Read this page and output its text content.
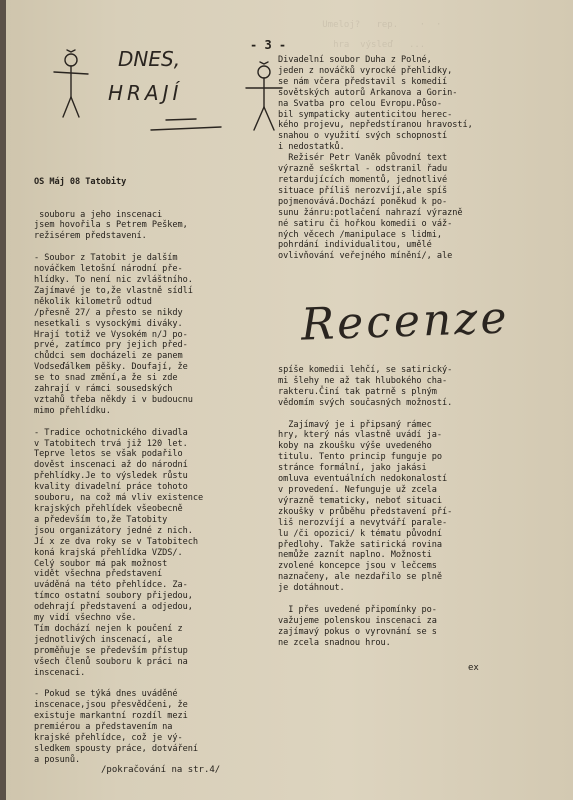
Umeloj?   rep.    ·  ·

hra  výsleď   ...
- 3 -
DNES,
HRAJÍ

OS Máj 08 Tatobity

souboru a jeho inscenaci
jsem hovořila s Petrem Peškem,
režisérem představení.

- Soubor z Tatobit je dalším
nováčkem letošní národní pře-
hlídky. To není nic zvláštního.
Zajímavé je to,že vlastně sídlí
několik kilometrů odtud
/přesně 27/ a přesto se nikdy
nesetkali s vysockými diváky.
Hrají totiž ve Vysokém n/J po-
prvé, zatímco pry jejich před-
chůdci sem docházeli ze panem
Vodseďálkem pěšky. Doufají, že
se to snad změní,a že si zde
zahrají v rámci sousedských
vztahů třeba někdy i v budoucnu
mimo přehlídku.

- Tradice ochotnického divadla
v Tatobitech trvá již 120 let.
Teprve letos se však podařilo
dověst inscenaci až do národní
přehlídky.Je to výsledek růstu
kvality divadelní práce tohoto
souboru, na což má vliv existence
krajských přehlídek všeobecně
a především to,že Tatobity
jsou organizátory jedné z nich.
Jí x ze dva roky se v Tatobitech
koná krajská přehlídka VZDS/.
Celý soubor má pak možnost
vidět všechna představení
uváděná na této přehlídce. Za-
tímco ostatní soubory přijedou,
odehrají představení a odjedou,
my vidí všechno vše.
Tím dochází nejen k poučení z
jednotlivých inscenací, ale
proměňuje se především přístup
všech členů souboru k práci na
inscenaci.

- Pokud se týká dnes uváděné
inscenace,jsou přesvědčeni, že
existuje markantní rozdíl mezi
premiérou a představením na
krajské přehlídce, což je vý-
sledkem spousty práce, dotváření
a posunů.

Divadelní soubor Duha z Polné,
jeden z nováčků vyrocké přehlidky,
se nám včera představil s komedií
sovětských autorů Arkanova a Gorin-
na Svatba pro celou Evropu.Půso-
bil sympaticky autenticitou herec-
kého projevu, nepředstíranou hravostí,
snahou o využití svých schopností
i nedostatků.
Režisér Petr Vaněk původní text
výrazně seškrtal - odstranil řadu
retardujících momentů, jednotlivé
situace příliš nerozvíjí,ale spíš
pojmenovává.Dochází poněkud k po-
sunu žánru:potlačení nahrazí výrazně
né satiru či hořkou komedii o váž-
ných věcech /manipulace s lidmi,
pohrdání individualitou, umělé
ovlivňování veřejného mínění/, ale
Recenze
spíše komedii lehčí, se satirický-
mi šlehy ne až tak hlubokého cha-
rakteru.Činí tak patrně s plným
vědomím svých současných možností.

Zajímavý je i připsaný rámec
hry, který nás vlastně uvádí ja-
koby na zkoušku výše uvedeného
titulu. Tento princip funguje po
stránce formální, jako jakási
omluva eventuálních nedokonalostí
v provedení. Nefunguje už zcela
výrazně tematicky, neboť situaci
zkoušky v průběhu představení pří-
liš nerozvíjí a nevytváří parale-
lu /či opozici/ k tématu původní
předlohy. Takže satirická rovina
nemůže zaznít naplno. Možnosti
zvolené koncepce jsou v lečcems
naznačeny, ale nezdařilo se plně
je dotáhnout.

I přes uvedené připomínky po-
važujeme polenskou inscenaci za
zajímavý pokus o vyrovnání se s
ne zcela snadnou hrou.
ex
/pokračování na str.4/
